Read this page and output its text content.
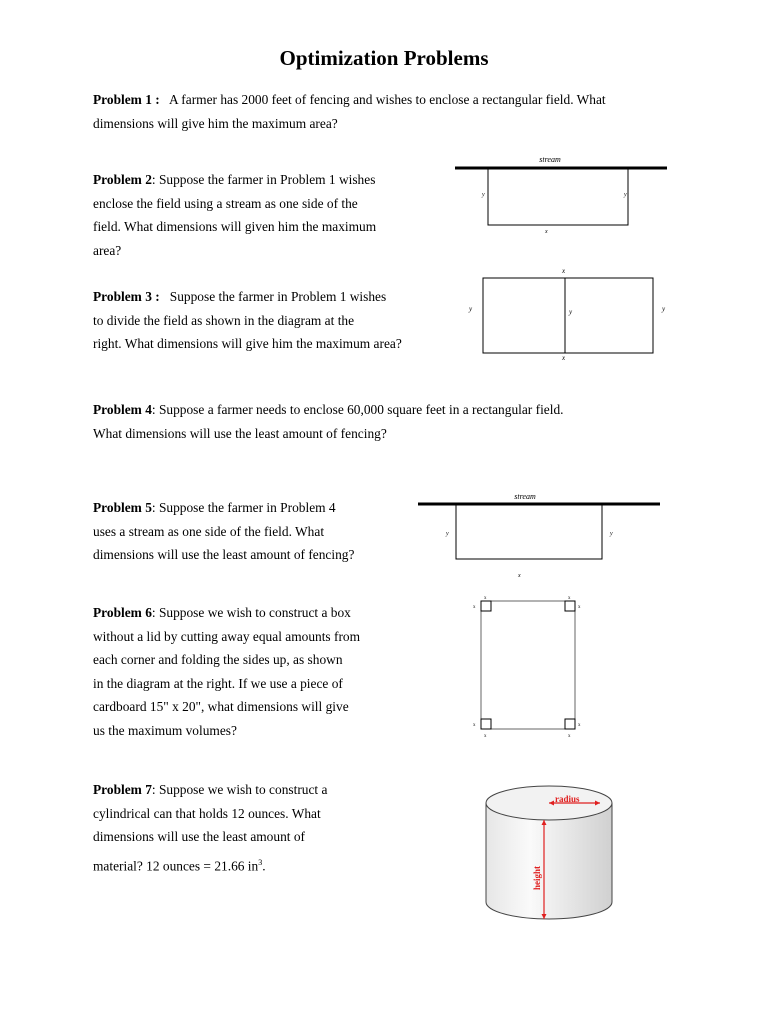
Optimization Problems
Problem 1 : A farmer has 2000 feet of fencing and wishes to enclose a rectangular field. What
dimensions will give him the maximum area?
Problem 2: Suppose the farmer in Problem 1 wishes
enclose the field using a stream as one side of the
field. What dimensions will given him the maximum
area?
Problem 3 : Suppose the farmer in Problem 1 wishes
to divide the field as shown in the diagram at the
right. What dimensions will give him the maximum area?
Problem 4: Suppose a farmer needs to enclose 60,000 square feet in a rectangular field.
What dimensions will use the least amount of fencing?
Problem 5: Suppose the farmer in Problem 4
uses a stream as one side of the field. What
dimensions will use the least amount of fencing?
Problem 6: Suppose we wish to construct a box
without a lid by cutting away equal amounts from
each corner and folding the sides up, as shown
in the diagram at the right. If we use a piece of
cardboard 15" x 20", what dimensions will give
us the maximum volumes?
Problem 7: Suppose we wish to construct a
cylindrical can that holds 12 ounces. What
dimensions will use the least amount of
material? 12 ounces = 21.66 $in^3$.
stream
y	y
x
x
y	y	y
x
stream
y	y
x
x	x
x	x
x	x
x	x
radius
height
